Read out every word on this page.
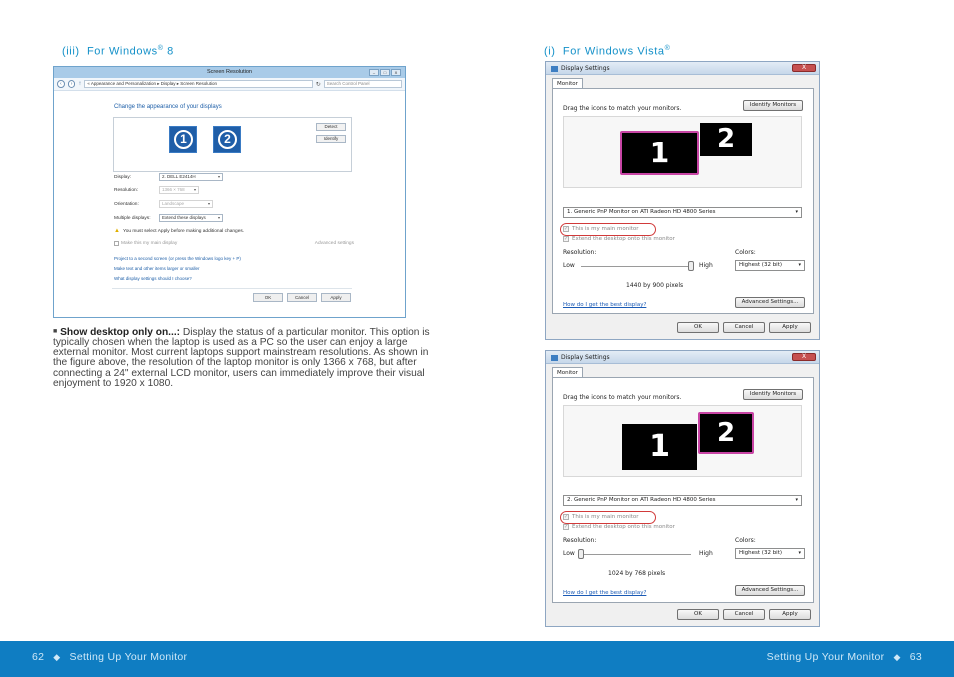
(iii) For Windows® 8	(i) For Windows Vista®
Screen Resolution	–	□	X
‹	›	↑	« Appearance and Personalization ▸ Display ▸ Screen Resolution	↻	Search Control Panel
Change the appearance of your displays
1	2
Detect
Identify
Display:	2. DELL E2414H	▾
Resolution:	1366 × 768 ▾
Orientation:	Landscape	▾
Multiple displays:	Extend these displays	▾
▲ You must select Apply before making additional changes.
Make this my main display	Advanced settings
Project to a second screen (or press the Windows logo key + P)
Make text and other items larger or smaller
What display settings should I choose?
OK	Cancel	Apply
■ Show desktop only on...: Display the status of a particular monitor. This option is typically chosen when the laptop is used as a PC so the user can enjoy a large external monitor. Most current laptops support mainstream resolutions. As shown in the figure above, the resolution of the laptop monitor is only 1366 x 768, but after connecting a 24" external LCD monitor, users can immediately improve their visual enjoyment to 1920 x 1080.
Display Settings	X
Monitor
Drag the icons to match your monitors.	Identify Monitors
1	2
1. Generic PnP Monitor on ATI Radeon HD 4800 Series	▾
✓ This is my main monitor
✓ Extend the desktop onto this monitor
Resolution:
Low	High
1440 by 900 pixels
Colors:
Highest (32 bit)	▾
How do I get the best display?	Advanced Settings...
OK	Cancel	Apply
Display Settings	X
Monitor
Drag the icons to match your monitors.	Identify Monitors
1	2
2. Generic PnP Monitor on ATI Radeon HD 4800 Series	▾
✓ This is my main monitor
✓ Extend the desktop onto this monitor
Resolution:
Low	High
1024 by 768 pixels
Colors:
Highest (32 bit)	▾
How do I get the best display?	Advanced Settings...
OK	Cancel	Apply
62 ◆ Setting Up Your Monitor	Setting Up Your Monitor ◆ 63
